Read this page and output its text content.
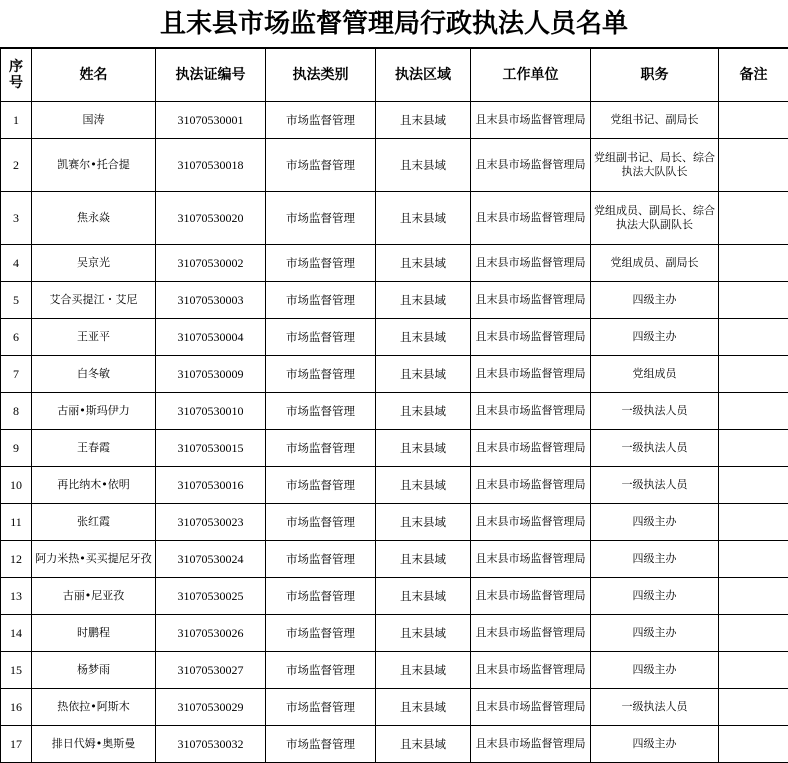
且末县市场监督管理局行政执法人员名单
序号	姓名	执法证编号	执法类别	执法区域	工作单位	职务	备注
1	国涛	31070530001	市场监督管理	且末县域	且末县市场监督管理局	党组书记、副局长	
2	凯赛尔•托合提	31070530018	市场监督管理	且末县域	且末县市场监督管理局	党组副书记、局长、综合执法大队队长	
3	焦永焱	31070530020	市场监督管理	且末县域	且末县市场监督管理局	党组成员、副局长、综合执法大队副队长	
4	吴京光	31070530002	市场监督管理	且末县域	且末县市场监督管理局	党组成员、副局长	
5	艾合买提江・艾尼	31070530003	市场监督管理	且末县域	且末县市场监督管理局	四级主办	
6	王亚平	31070530004	市场监督管理	且末县域	且末县市场监督管理局	四级主办	
7	白冬敏	31070530009	市场监督管理	且末县域	且末县市场监督管理局	党组成员	
8	古丽•斯玛伊力	31070530010	市场监督管理	且末县域	且末县市场监督管理局	一级执法人员	
9	王春霞	31070530015	市场监督管理	且末县域	且末县市场监督管理局	一级执法人员	
10	再比纳木•依明	31070530016	市场监督管理	且末县域	且末县市场监督管理局	一级执法人员	
11	张红霞	31070530023	市场监督管理	且末县域	且末县市场监督管理局	四级主办	
12	阿力米热•买买提尼牙孜	31070530024	市场监督管理	且末县域	且末县市场监督管理局	四级主办	
13	古丽•尼亚孜	31070530025	市场监督管理	且末县域	且末县市场监督管理局	四级主办	
14	时鹏程	31070530026	市场监督管理	且末县域	且末县市场监督管理局	四级主办	
15	杨梦雨	31070530027	市场监督管理	且末县域	且末县市场监督管理局	四级主办	
16	热依拉•阿斯木	31070530029	市场监督管理	且末县域	且末县市场监督管理局	一级执法人员	
17	排日代姆•奥斯曼	31070530032	市场监督管理	且末县域	且末县市场监督管理局	四级主办	
